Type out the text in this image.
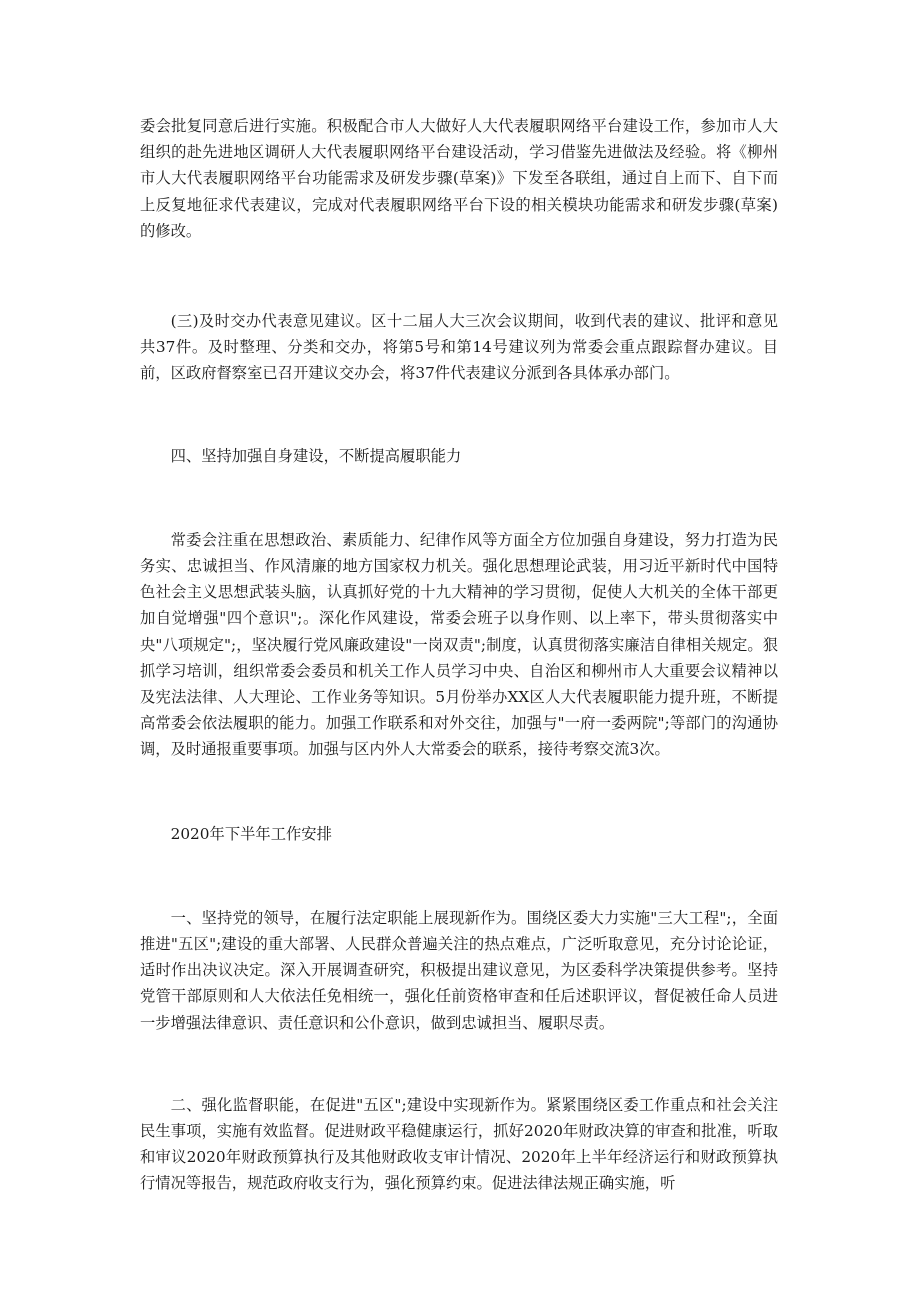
委会批复同意后进行实施。积极配合市人大做好人大代表履职网络平台建设工作，参加市人大组织的赴先进地区调研人大代表履职网络平台建设活动，学习借鉴先进做法及经验。将《柳州市人大代表履职网络平台功能需求及研发步骤(草案)》下发至各联组，通过自上而下、自下而上反复地征求代表建议，完成对代表履职网络平台下设的相关模块功能需求和研发步骤(草案)的修改。

(三)及时交办代表意见建议。区十二届人大三次会议期间，收到代表的建议、批评和意见共37件。及时整理、分类和交办，将第5号和第14号建议列为常委会重点跟踪督办建议。目前，区政府督察室已召开建议交办会，将37件代表建议分派到各具体承办部门。

四、坚持加强自身建设，不断提高履职能力

常委会注重在思想政治、素质能力、纪律作风等方面全方位加强自身建设，努力打造为民务实、忠诚担当、作风清廉的地方国家权力机关。强化思想理论武装，用习近平新时代中国特色社会主义思想武装头脑，认真抓好党的十九大精神的学习贯彻，促使人大机关的全体干部更加自觉增强"四个意识";。深化作风建设，常委会班子以身作则、以上率下，带头贯彻落实中央"八项规定";，坚决履行党风廉政建设"一岗双责";制度，认真贯彻落实廉洁自律相关规定。狠抓学习培训，组织常委会委员和机关工作人员学习中央、自治区和柳州市人大重要会议精神以及宪法法律、人大理论、工作业务等知识。5月份举办XX区人大代表履职能力提升班，不断提高常委会依法履职的能力。加强工作联系和对外交往，加强与"一府一委两院";等部门的沟通协调，及时通报重要事项。加强与区内外人大常委会的联系，接待考察交流3次。

2020年下半年工作安排

一、坚持党的领导，在履行法定职能上展现新作为。围绕区委大力实施"三大工程";，全面推进"五区";建设的重大部署、人民群众普遍关注的热点难点，广泛听取意见，充分讨论论证，适时作出决议决定。深入开展调查研究，积极提出建议意见，为区委科学决策提供参考。坚持党管干部原则和人大依法任免相统一，强化任前资格审查和任后述职评议，督促被任命人员进一步增强法律意识、责任意识和公仆意识，做到忠诚担当、履职尽责。

二、强化监督职能，在促进"五区";建设中实现新作为。紧紧围绕区委工作重点和社会关注民生事项，实施有效监督。促进财政平稳健康运行，抓好2020年财政决算的审查和批准，听取和审议2020年财政预算执行及其他财政收支审计情况、2020年上半年经济运行和财政预算执行情况等报告，规范政府收支行为，强化预算约束。促进法律法规正确实施，听
